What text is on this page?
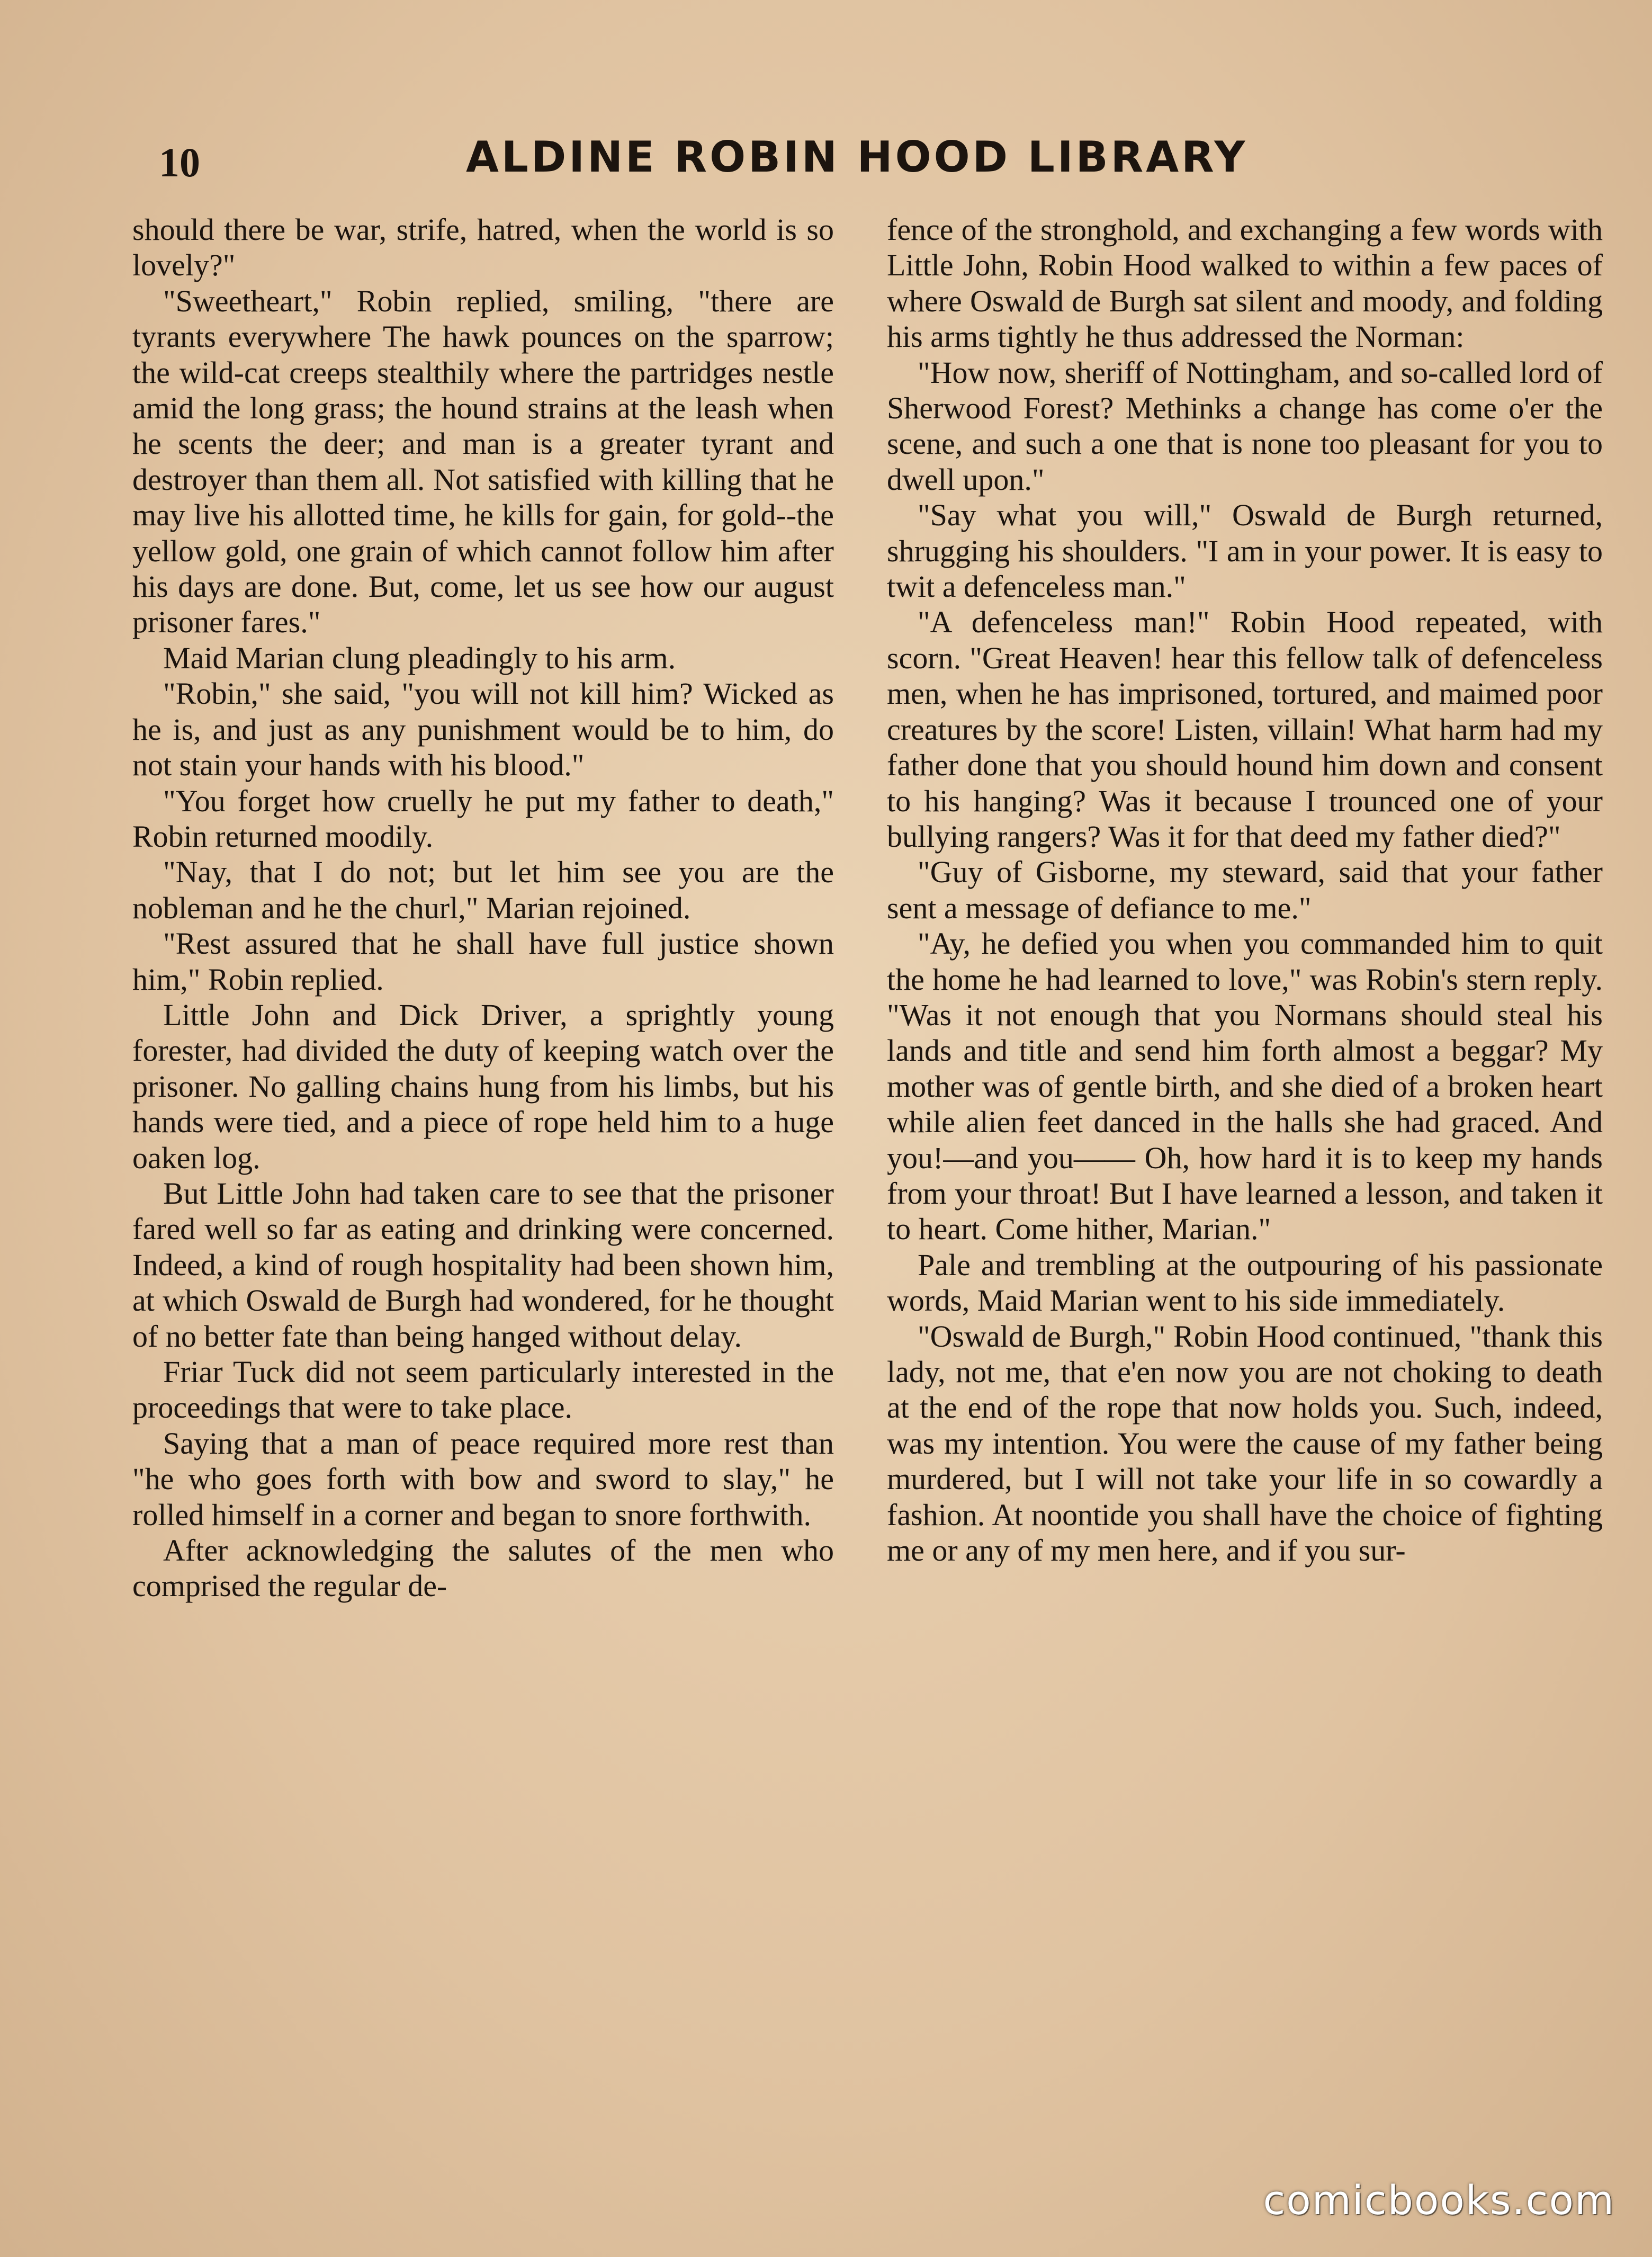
10	ALDINE ROBIN HOOD LIBRARY

should there be war, strife, hatred, when the world is so lovely?"

"Sweetheart," Robin replied, smiling, "there are tyrants everywhere The hawk pounces on the sparrow; the wild-cat creeps stealthily where the partridges nestle amid the long grass; the hound strains at the leash when he scents the deer; and man is a greater tyrant and destroyer than them all. Not satisfied with killing that he may live his allotted time, he kills for gain, for gold--the yellow gold, one grain of which cannot follow him after his days are done. But, come, let us see how our august prisoner fares."

Maid Marian clung pleadingly to his arm.

"Robin," she said, "you will not kill him? Wicked as he is, and just as any punishment would be to him, do not stain your hands with his blood."

"You forget how cruelly he put my father to death," Robin returned moodily.

"Nay, that I do not; but let him see you are the nobleman and he the churl," Marian rejoined.

"Rest assured that he shall have full justice shown him," Robin replied.

Little John and Dick Driver, a sprightly young forester, had divided the duty of keeping watch over the prisoner. No galling chains hung from his limbs, but his hands were tied, and a piece of rope held him to a huge oaken log.

But Little John had taken care to see that the prisoner fared well so far as eating and drinking were concerned. Indeed, a kind of rough hospitality had been shown him, at which Oswald de Burgh had wondered, for he thought of no better fate than being hanged without delay.

Friar Tuck did not seem particularly interested in the proceedings that were to take place.

Saying that a man of peace required more rest than "he who goes forth with bow and sword to slay," he rolled himself in a corner and began to snore forthwith.

After acknowledging the salutes of the men who comprised the regular de-

fence of the stronghold, and exchanging a few words with Little John, Robin Hood walked to within a few paces of where Oswald de Burgh sat silent and moody, and folding his arms tightly he thus addressed the Norman:

"How now, sheriff of Nottingham, and so-called lord of Sherwood Forest? Methinks a change has come o'er the scene, and such a one that is none too pleasant for you to dwell upon."

"Say what you will," Oswald de Burgh returned, shrugging his shoulders. "I am in your power. It is easy to twit a defenceless man."

"A defenceless man!" Robin Hood repeated, with scorn. "Great Heaven! hear this fellow talk of defenceless men, when he has imprisoned, tortured, and maimed poor creatures by the score! Listen, villain! What harm had my father done that you should hound him down and consent to his hanging? Was it because I trounced one of your bullying rangers? Was it for that deed my father died?"

"Guy of Gisborne, my steward, said that your father sent a message of defiance to me."

"Ay, he defied you when you commanded him to quit the home he had learned to love," was Robin's stern reply. "Was it not enough that you Normans should steal his lands and title and send him forth almost a beggar? My mother was of gentle birth, and she died of a broken heart while alien feet danced in the halls she had graced. And you!—and you—— Oh, how hard it is to keep my hands from your throat! But I have learned a lesson, and taken it to heart. Come hither, Marian."

Pale and trembling at the outpouring of his passionate words, Maid Marian went to his side immediately.

"Oswald de Burgh," Robin Hood continued, "thank this lady, not me, that e'en now you are not choking to death at the end of the rope that now holds you. Such, indeed, was my intention. You were the cause of my father being murdered, but I will not take your life in so cowardly a fashion. At noontide you shall have the choice of fighting me or any of my men here, and if you sur-

comicbooks.com
